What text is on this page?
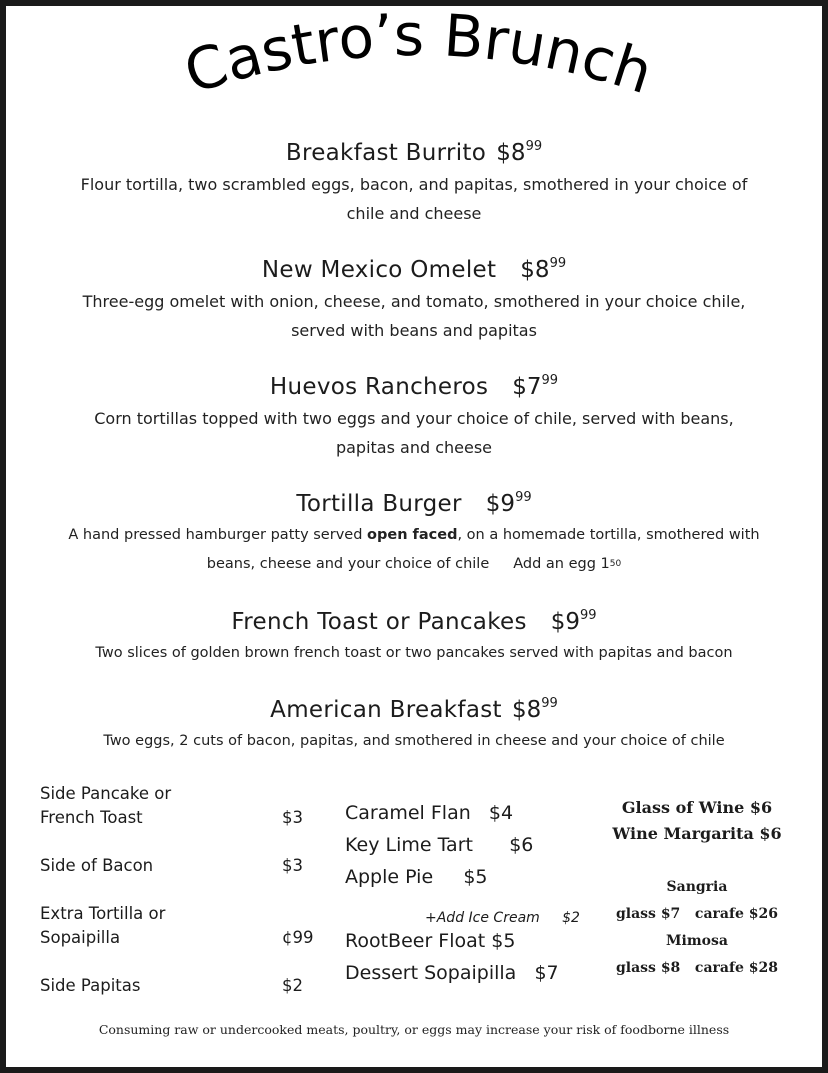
Castro’s Brunch
Breakfast Burrito $\$8^{99}$
Flour tortilla, two scrambled eggs, bacon, and papitas, smothered in your choice of
chile and cheese
New Mexico Omelet $\$8^{99}$
Three-egg omelet with onion, cheese, and tomato, smothered in your choice chile,
served with beans and papitas
Huevos Rancheros $\$7^{99}$
Corn tortillas topped with two eggs and your choice of chile, served with beans,
papitas and cheese
Tortilla Burger $\$9^{99}$
A hand pressed hamburger patty served open faced, on a homemade tortilla, smothered with
beans, cheese and your choice of chile Add an egg $1^{50}$
French Toast or Pancakes $\$9^{99}$
Two slices of golden brown french toast or two pancakes served with papitas and bacon
American Breakfast $\$8^{99}$
Two eggs, 2 cuts of bacon, papitas, and smothered in cheese and your choice of chile
Side Pancake or
French Toast	$3
Side of Bacon	$3
Extra Tortilla or
Sopaipilla	¢99
Side Papitas	$2
Caramel Flan $4
Key Lime Tart $6
Apple Pie $5
+Add Ice Cream $2
RootBeer Float $5
Dessert Sopaipilla $7
Glass of Wine $6
Wine Margarita $6
Sangria
glass $7   carafe $26
Mimosa
glass $8   carafe $28
Consuming raw or undercooked meats, poultry, or eggs may increase your risk of foodborne illness
